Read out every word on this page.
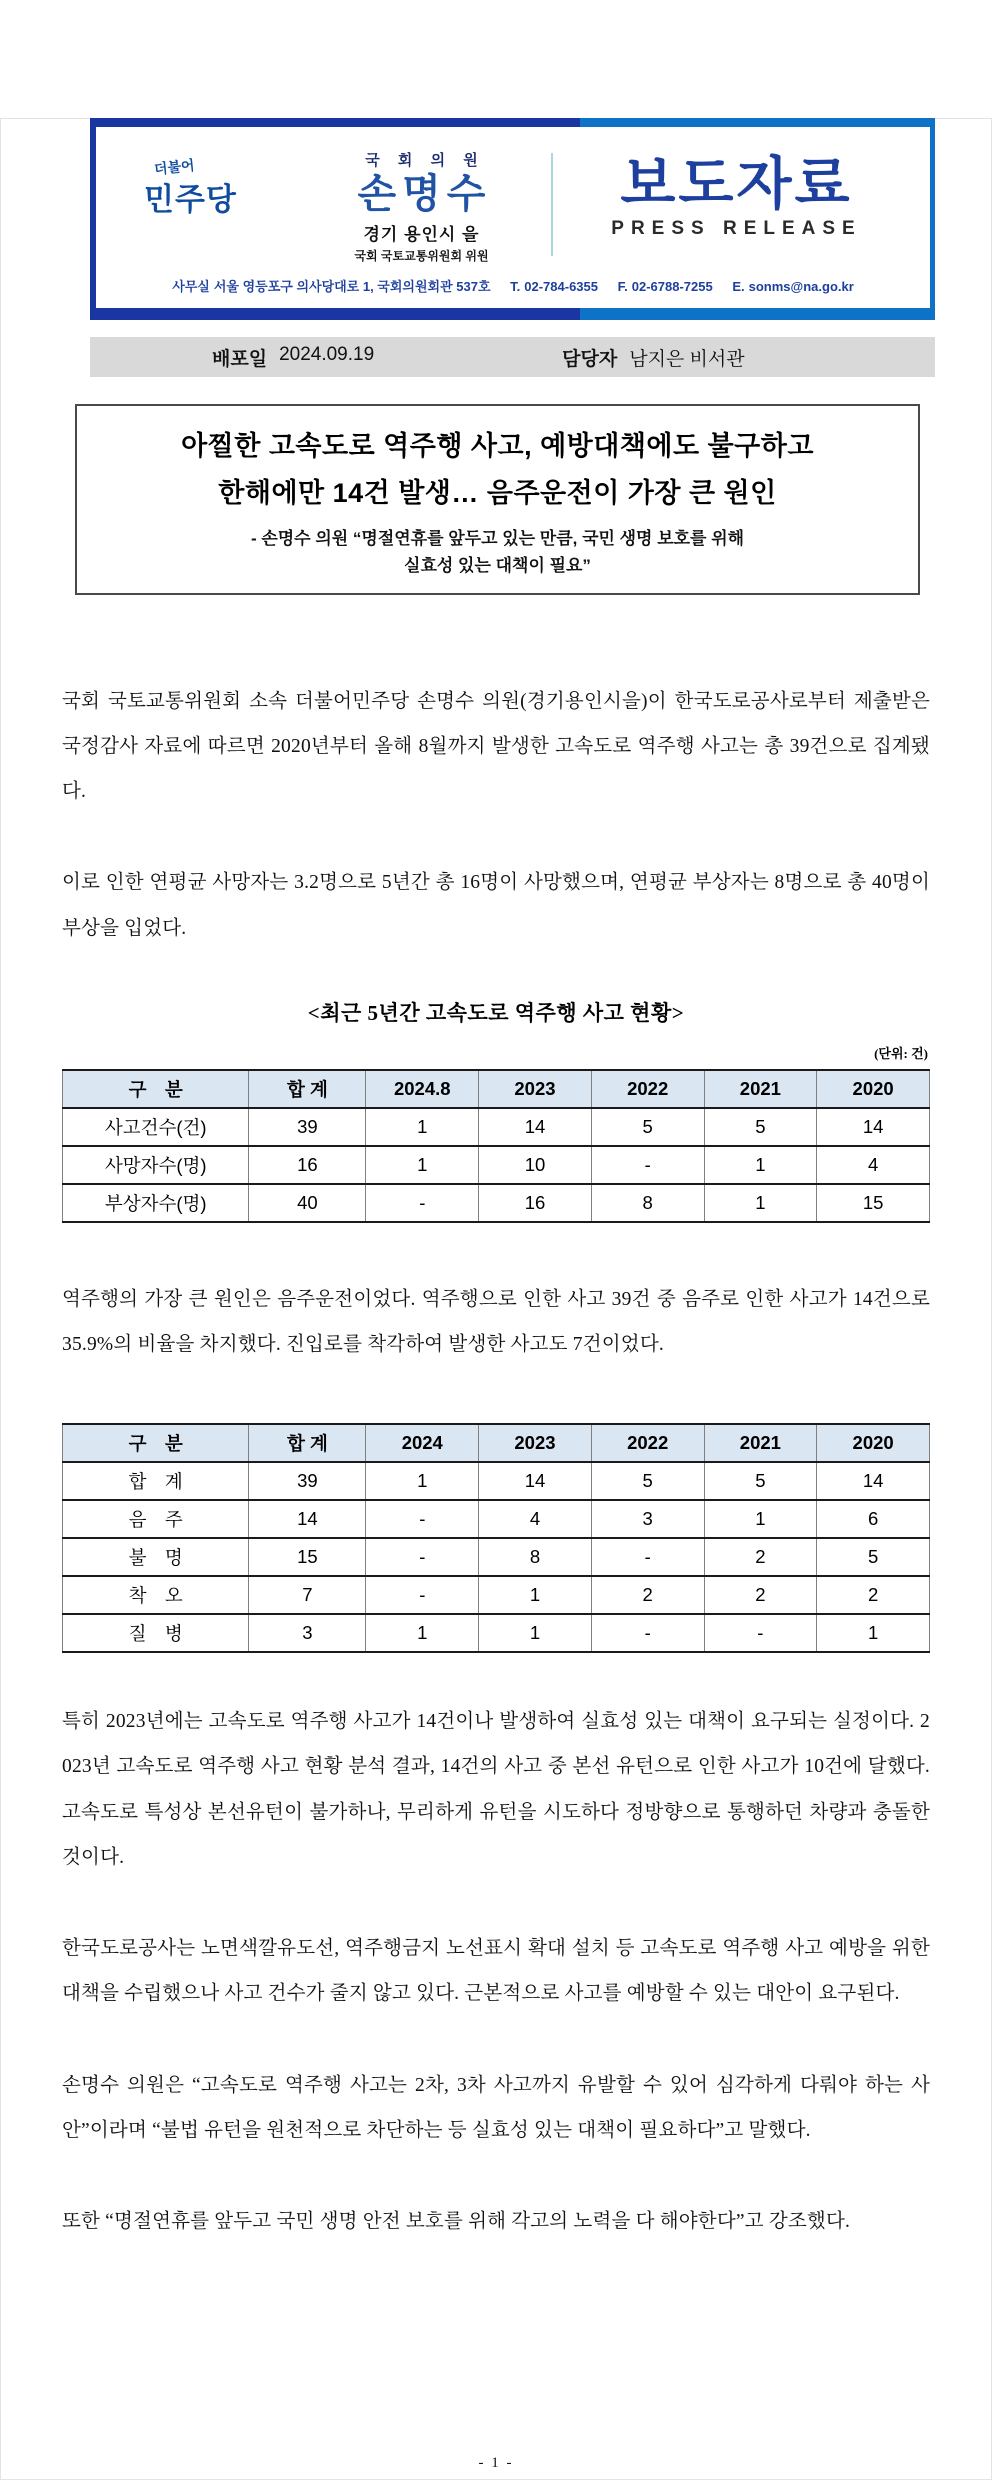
더불어
민주당
국 회 의 원
손명수
경기 용인시 을
국회 국토교통위원회 위원
보도자료
PRESS RELEASE
사무실 서울 영등포구 의사당대로 1, 국회의원회관 537호 T. 02-784-6355 F. 02-6788-7255 E. sonms@na.go.kr
배포일 2024.09.19	담당자 남지은 비서관
아찔한 고속도로 역주행 사고, 예방대책에도 불구하고
한해에만 14건 발생… 음주운전이 가장 큰 원인
- 손명수 의원 “명절연휴를 앞두고 있는 만큼, 국민 생명 보호를 위해
실효성 있는 대책이 필요”

국회 국토교통위원회 소속 더불어민주당 손명수 의원(경기용인시을)이 한국도로공사로부터 제출받은 국정감사 자료에 따르면 2020년부터 올해 8월까지 발생한 고속도로 역주행 사고는 총 39건으로 집계됐다.

이로 인한 연평균 사망자는 3.2명으로 5년간 총 16명이 사망했으며, 연평균 부상자는 8명으로 총 40명이 부상을 입었다.

<최근 5년간 고속도로 역주행 사고 현황>
(단위: 건)
구　분	합 계	2024.8	2023	2022	2021	2020
사고건수(건)	39	1	14	5	5	14
사망자수(명)	16	1	10	-	1	4
부상자수(명)	40	-	16	8	1	15

역주행의 가장 큰 원인은 음주운전이었다. 역주행으로 인한 사고 39건 중 음주로 인한 사고가 14건으로 35.9%의 비율을 차지했다. 진입로를 착각하여 발생한 사고도 7건이었다.

구　분	합 계	2024	2023	2022	2021	2020
합　계	39	1	14	5	5	14
음　주	14	-	4	3	1	6
불　명	15	-	8	-	2	5
착　오	7	-	1	2	2	2
질　병	3	1	1	-	-	1

특히 2023년에는 고속도로 역주행 사고가 14건이나 발생하여 실효성 있는 대책이 요구되는 실정이다. 2023년 고속도로 역주행 사고 현황 분석 결과, 14건의 사고 중 본선 유턴으로 인한 사고가 10건에 달했다. 고속도로 특성상 본선유턴이 불가하나, 무리하게 유턴을 시도하다 정방향으로 통행하던 차량과 충돌한 것이다.

한국도로공사는 노면색깔유도선, 역주행금지 노선표시 확대 설치 등 고속도로 역주행 사고 예방을 위한 대책을 수립했으나 사고 건수가 줄지 않고 있다. 근본적으로 사고를 예방할 수 있는 대안이 요구된다.

손명수 의원은 “고속도로 역주행 사고는 2차, 3차 사고까지 유발할 수 있어 심각하게 다뤄야 하는 사안”이라며 “불법 유턴을 원천적으로 차단하는 등 실효성 있는 대책이 필요하다”고 말했다.

또한 “명절연휴를 앞두고 국민 생명 안전 보호를 위해 각고의 노력을 다 해야한다”고 강조했다.

- 1 -
